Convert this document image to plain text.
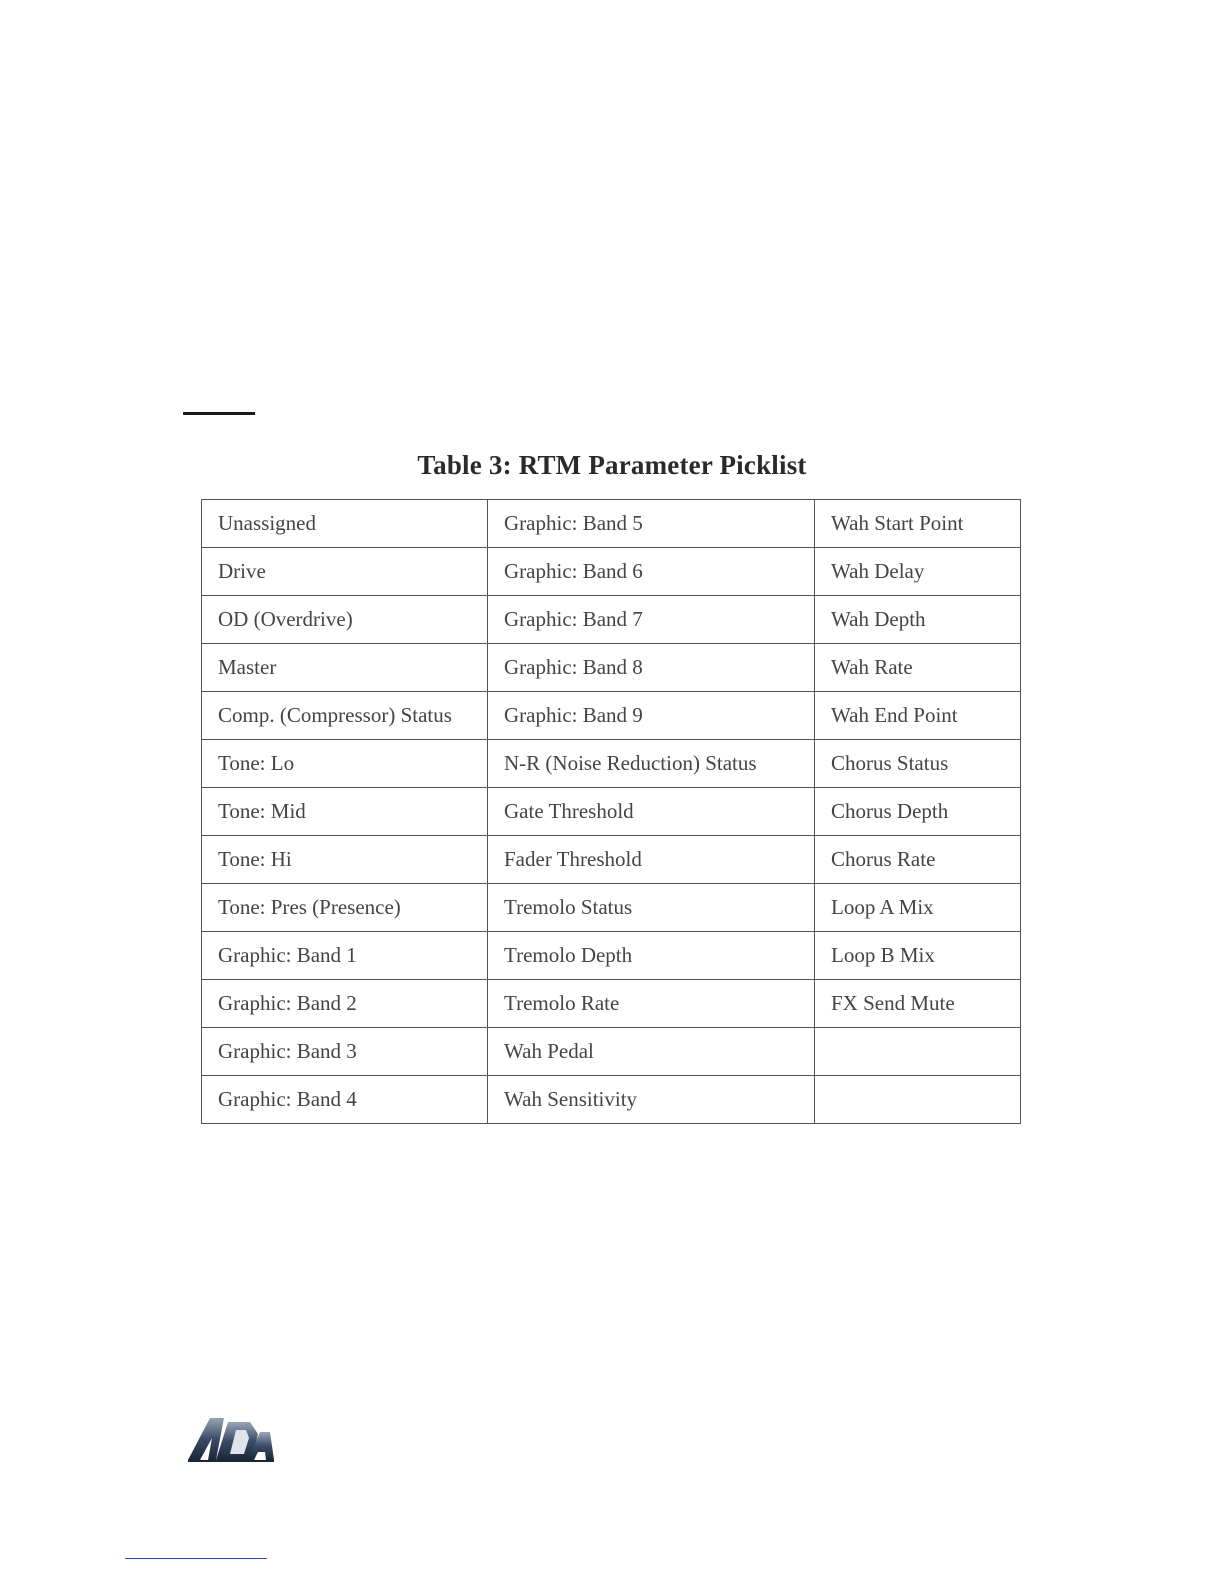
Table 3: RTM Parameter Picklist
Unassigned	Graphic: Band 5	Wah Start Point
Drive	Graphic: Band 6	Wah Delay
OD (Overdrive)	Graphic: Band 7	Wah Depth
Master	Graphic: Band 8	Wah Rate
Comp. (Compressor) Status	Graphic: Band 9	Wah End Point
Tone: Lo	N-R (Noise Reduction) Status	Chorus Status
Tone: Mid	Gate Threshold	Chorus Depth
Tone: Hi	Fader Threshold	Chorus Rate
Tone: Pres (Presence)	Tremolo Status	Loop A Mix
Graphic: Band 1	Tremolo Depth	Loop B Mix
Graphic: Band 2	Tremolo Rate	FX Send Mute
Graphic: Band 3	Wah Pedal	
Graphic: Band 4	Wah Sensitivity	
